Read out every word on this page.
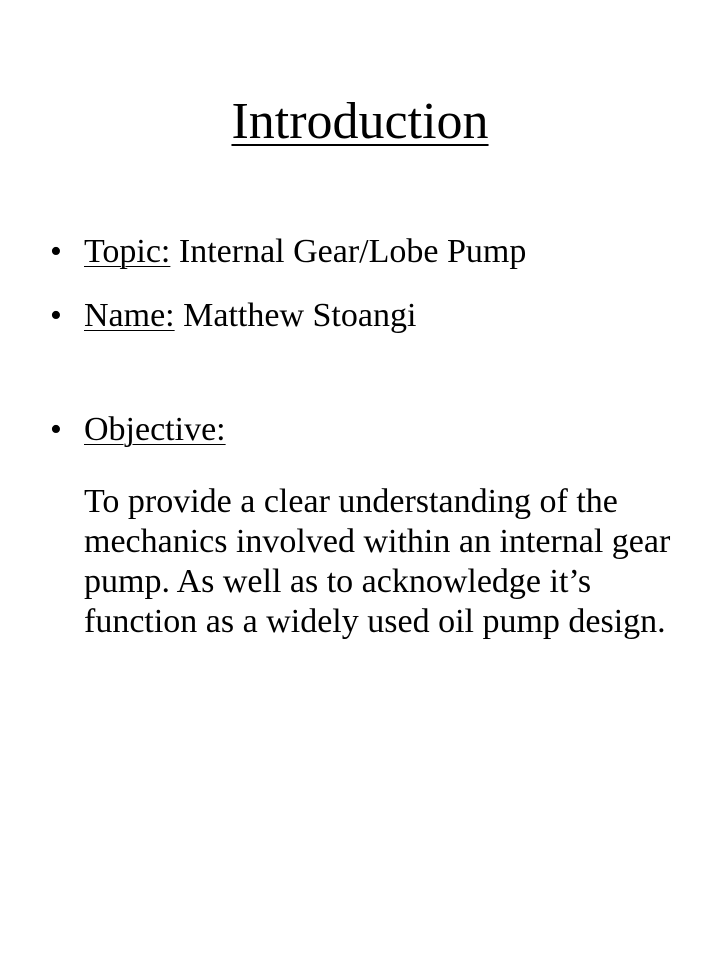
Introduction
• Topic: Internal Gear/Lobe Pump
• Name: Matthew Stoangi
• Objective:

To provide a clear understanding of the mechanics involved within an internal gear pump. As well as to acknowledge it’s function as a widely used oil pump design.
